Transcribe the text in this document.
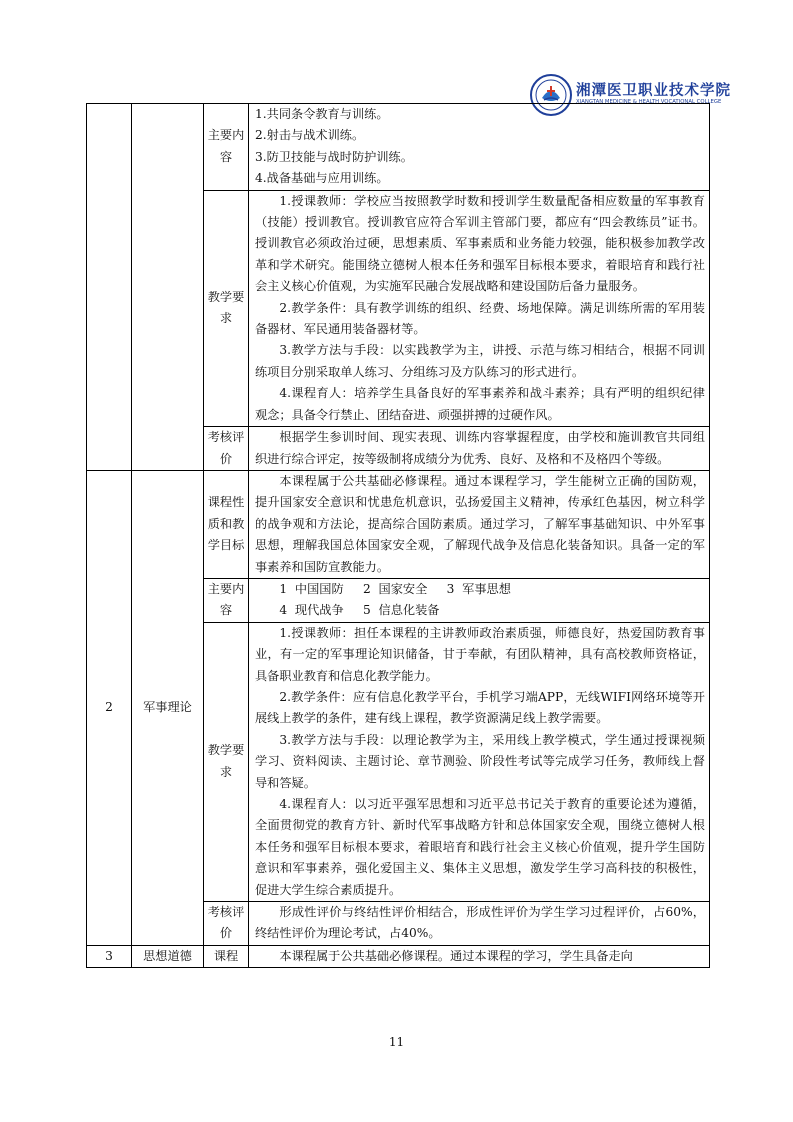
湘潭医卫职业技术学院
XIANGTAN MEDICINE & HEALTH VOCATIONAL COLLEGE

		主要内容	1.共同条令教育与训练。
2.射击与战术训练。
3.防卫技能与战时防护训练。
4.战备基础与应用训练。

		教学要求	1.授课教师：学校应当按照教学时数和授训学生数量配备相应数量的军事教育（技能）授训教官。授训教官应符合军训主管部门要，都应有“四会教练员”证书。授训教官必须政治过硬，思想素质、军事素质和业务能力较强，能积极参加教学改革和学术研究。能围绕立德树人根本任务和强军目标根本要求，着眼培育和践行社会主义核心价值观，为实施军民融合发展战略和建设国防后备力量服务。
2.教学条件：具有教学训练的组织、经费、场地保障。满足训练所需的军用装备器材、军民通用装备器材等。
3.教学方法与手段：以实践教学为主，讲授、示范与练习相结合，根据不同训练项目分别采取单人练习、分组练习及方队练习的形式进行。
4.课程育人：培养学生具备良好的军事素养和战斗素养；具有严明的组织纪律观念；具备令行禁止、团结奋进、顽强拼搏的过硬作风。

		考核评价	根据学生参训时间、现实表现、训练内容掌握程度，由学校和施训教官共同组织进行综合评定，按等级制将成绩分为优秀、良好、及格和不及格四个等级。

2	军事理论	课程性质和教学目标	本课程属于公共基础必修课程。通过本课程学习，学生能树立正确的国防观，提升国家安全意识和忧患危机意识，弘扬爱国主义精神，传承红色基因，树立科学的战争观和方法论，提高综合国防素质。通过学习，了解军事基础知识、中外军事思想，理解我国总体国家安全观，了解现代战争及信息化装备知识。具备一定的军事素养和国防宣教能力。

		主要内容	1  中国国防     2  国家安全     3  军事思想
4  现代战争     5  信息化装备

		教学要求	1.授课教师：担任本课程的主讲教师政治素质强，师德良好，热爱国防教育事业，有一定的军事理论知识储备，甘于奉献，有团队精神，具有高校教师资格证，具备职业教育和信息化教学能力。
2.教学条件：应有信息化教学平台，手机学习端APP，无线WIFI网络环境等开展线上教学的条件，建有线上课程，教学资源满足线上教学需要。
3.教学方法与手段：以理论教学为主，采用线上教学模式，学生通过授课视频学习、资料阅读、主题讨论、章节测验、阶段性考试等完成学习任务，教师线上督导和答疑。
4.课程育人：以习近平强军思想和习近平总书记关于教育的重要论述为遵循，全面贯彻党的教育方针、新时代军事战略方针和总体国家安全观，围绕立德树人根本任务和强军目标根本要求，着眼培育和践行社会主义核心价值观，提升学生国防意识和军事素养，强化爱国主义、集体主义思想，激发学生学习高科技的积极性，促进大学生综合素质提升。

		考核评价	形成性评价与终结性评价相结合，形成性评价为学生学习过程评价，占60%，终结性评价为理论考试，占40%。

3	思想道德	课程	本课程属于公共基础必修课程。通过本课程的学习，学生具备走向
11
